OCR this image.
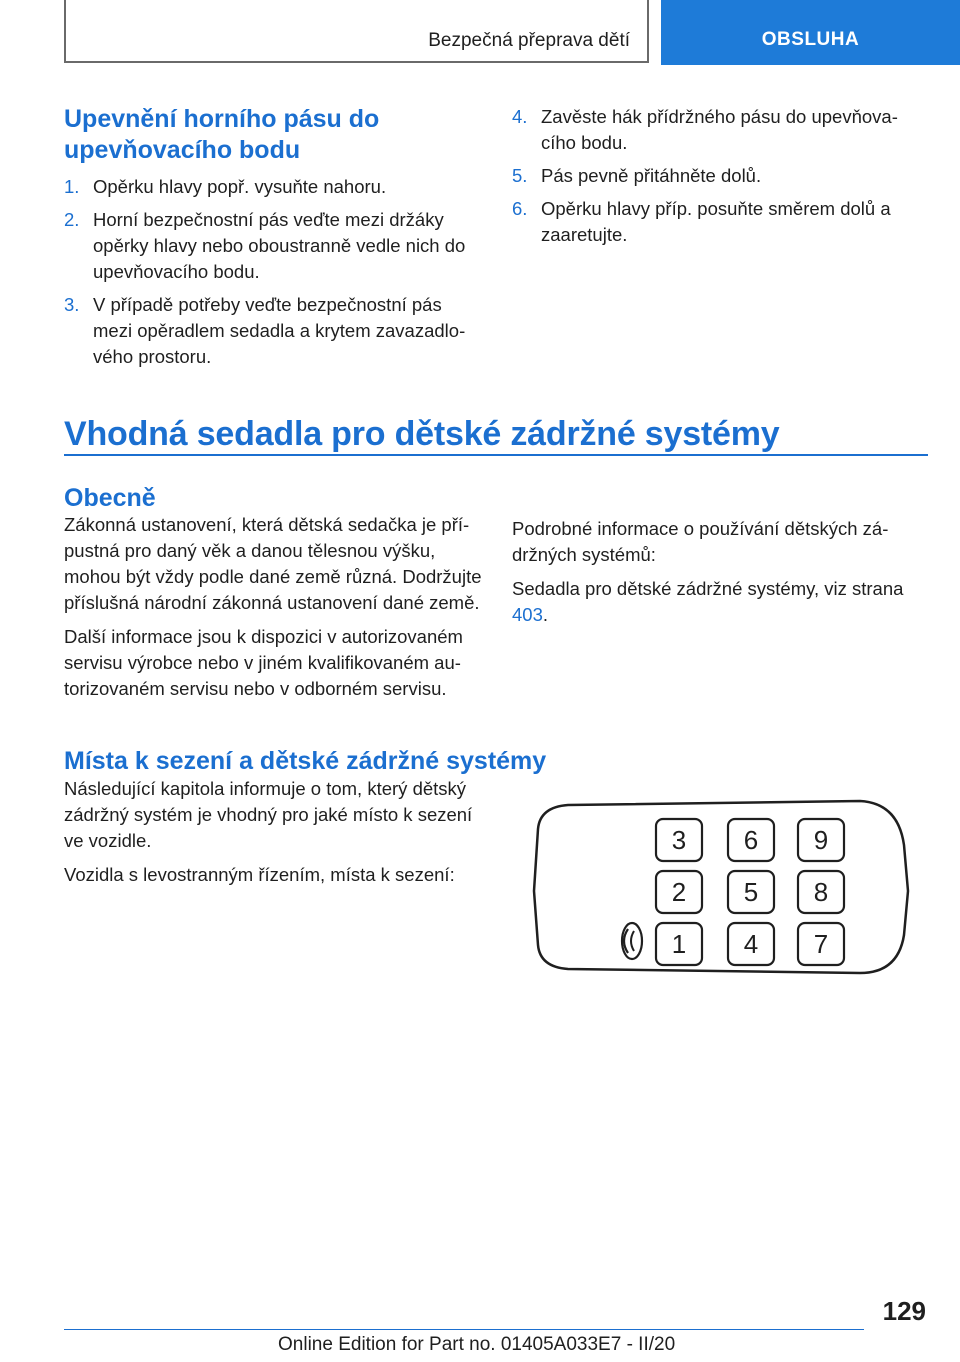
Bezpečná přeprava dětí	OBSLUHA
Upevnění horního pásu do upevňovacího bodu
1. Opěrku hlavy popř. vysuňte nahoru.
2. Horní bezpečnostní pás veďte mezi držáky opěrky hlavy nebo oboustranně vedle nich do upevňovacího bodu.
3. V případě potřeby veďte bezpečnostní pás mezi opěradlem sedadla a krytem zavazadlového prostoru.
4. Zavěste hák přídržného pásu do upevňovacího bodu.
5. Pás pevně přitáhněte dolů.
6. Opěrku hlavy příp. posuňte směrem dolů a zaaretujte.
Vhodná sedadla pro dětské zádržné systémy
Obecně

Zákonná ustanovení, která dětská sedačka je přípustná pro daný věk a danou tělesnou výšku, mohou být vždy podle dané země různá. Dodržujte příslušná národní zákonná ustanovení dané země.

Další informace jsou k dispozici v autorizovaném servisu výrobce nebo v jiném kvalifikovaném autorizovaném servisu nebo v odborném servisu.

Podrobné informace o používání dětských zádržných systémů:

Sedadla pro dětské zádržné systémy, viz strana 403.

Místa k sezení a dětské zádržné systémy

Následující kapitola informuje o tom, který dětský zádržný systém je vhodný pro jaké místo k sezení ve vozidle.

Vozidla s levostranným řízením, místa k sezení:

3 6 9
2 5 8
1 4 7
129
Online Edition for Part no. 01405A033E7 - II/20
